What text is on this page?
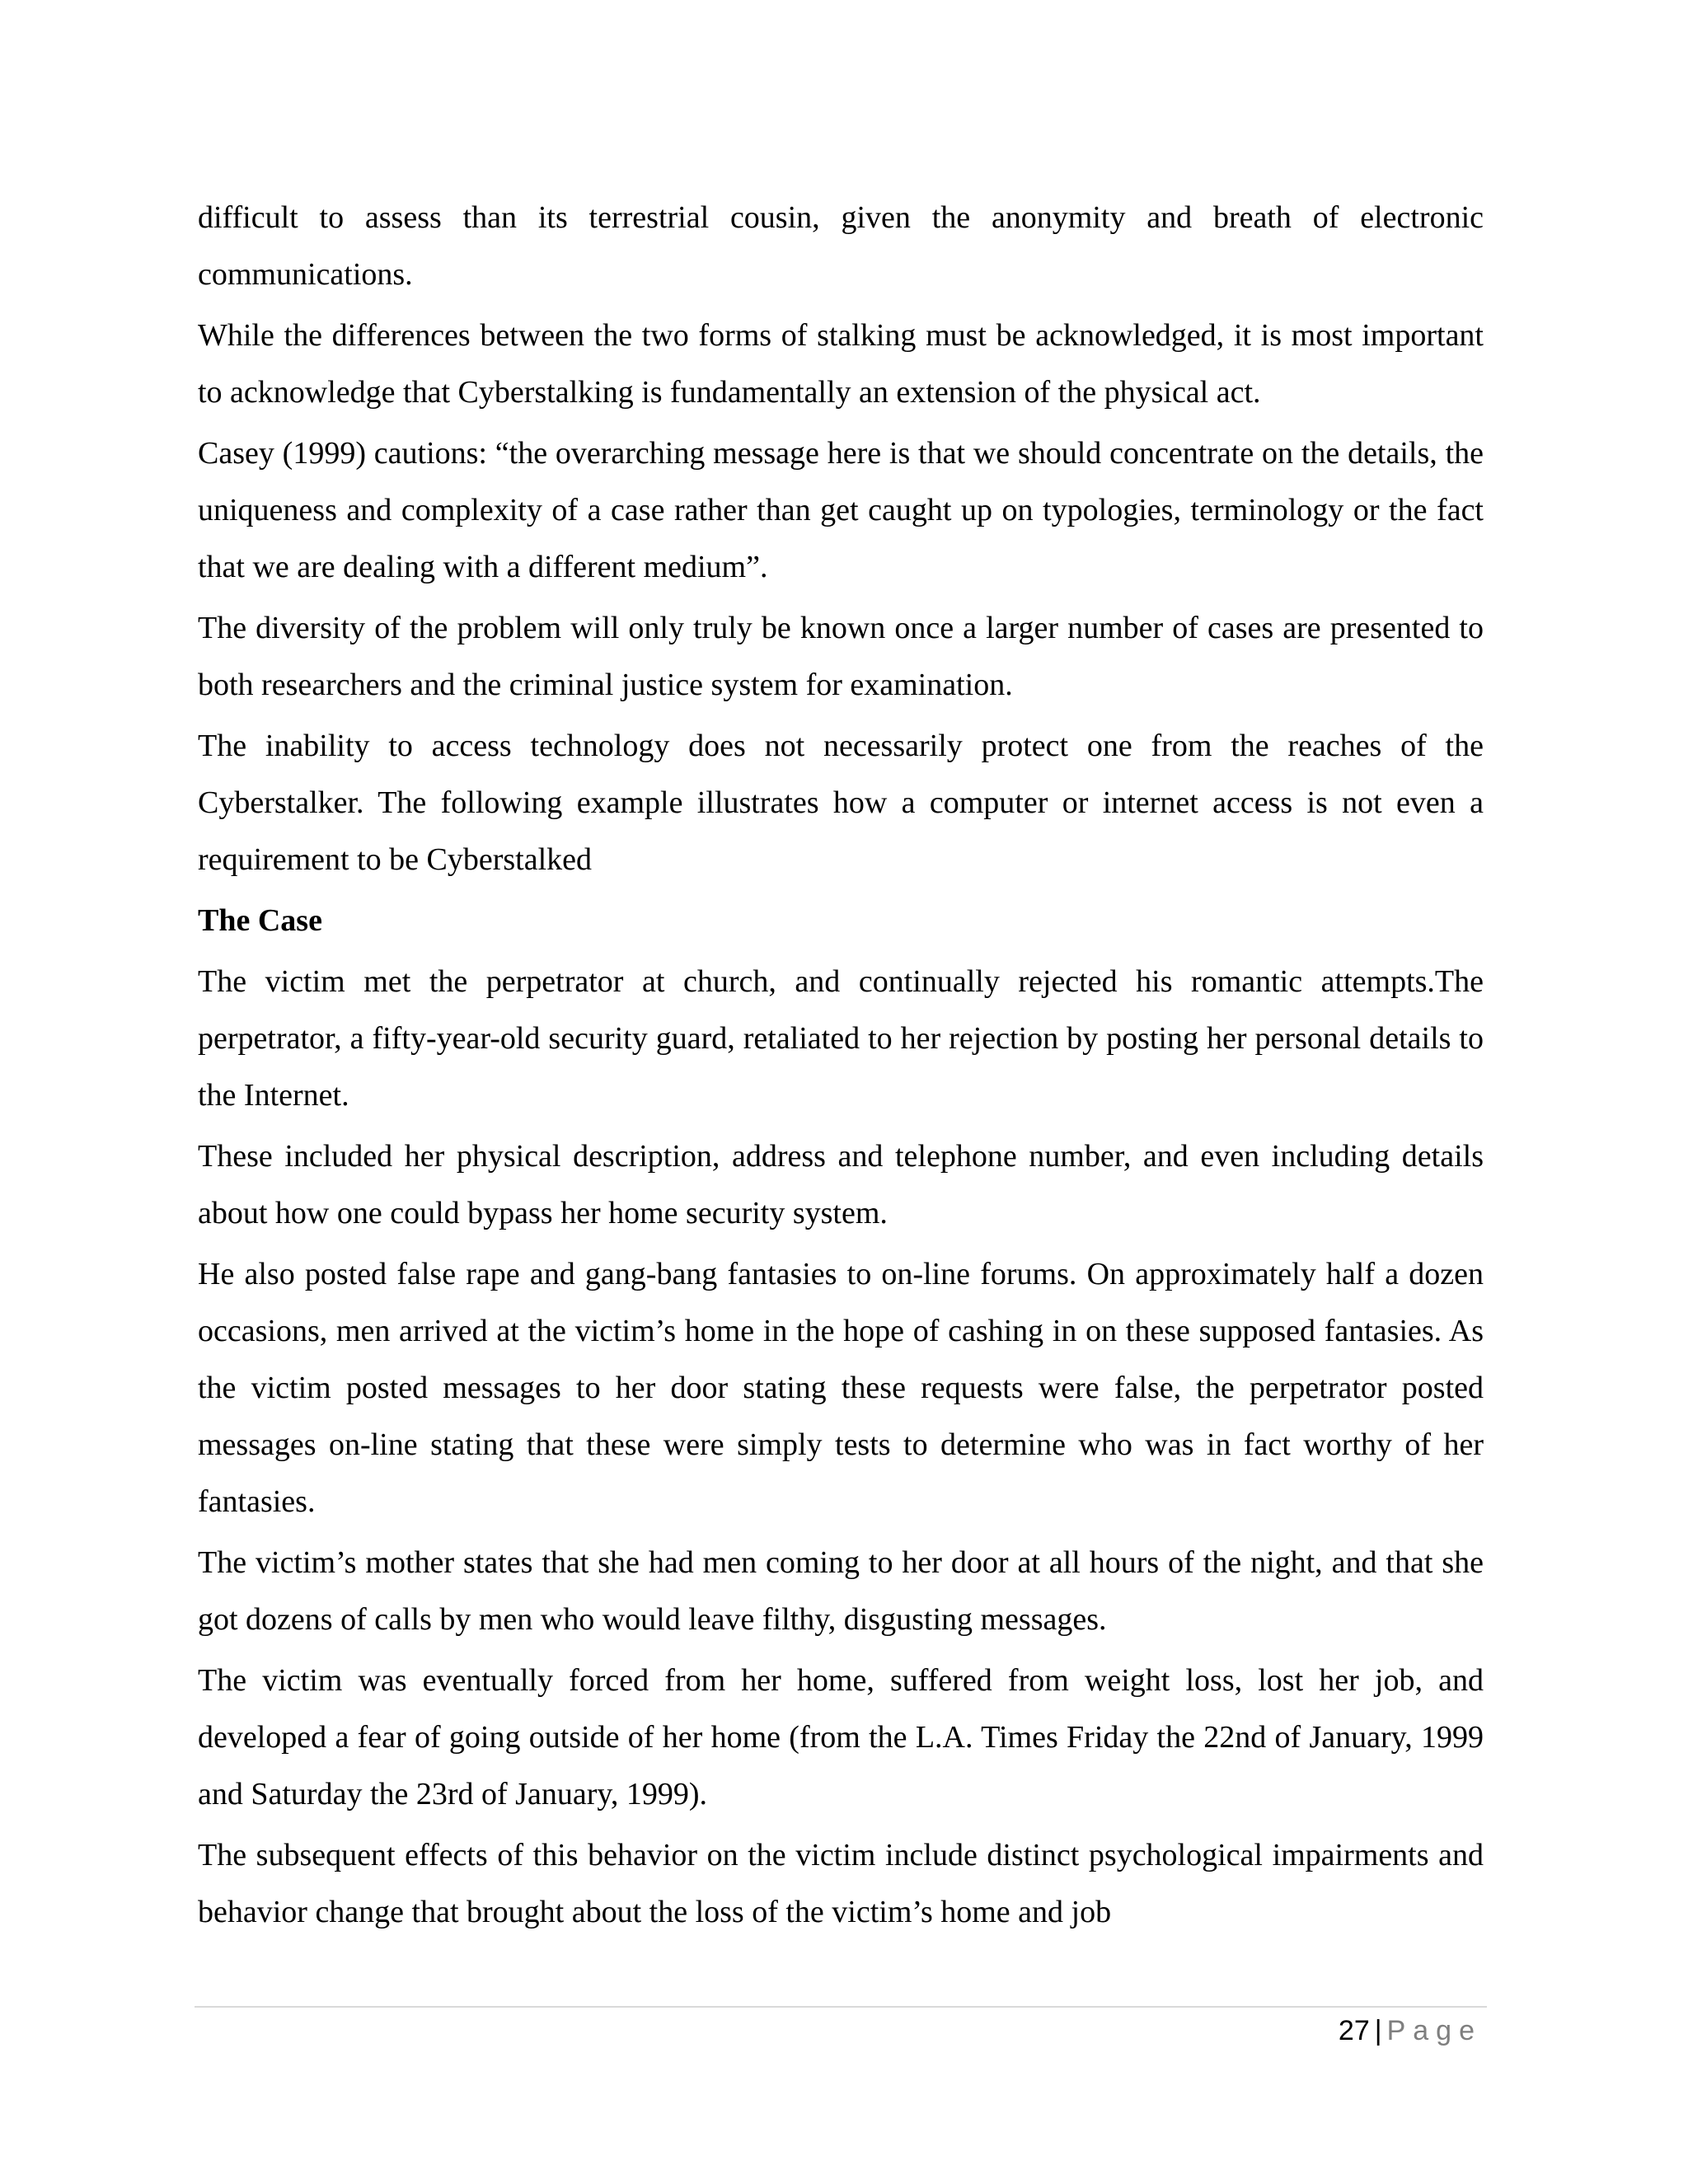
difficult to assess than its terrestrial cousin, given the anonymity and breath of electronic communications.

While the differences between the two forms of stalking must be acknowledged, it is most important to acknowledge that Cyberstalking is fundamentally an extension of the physical act.

Casey (1999) cautions: “the overarching message here is that we should concentrate on the details, the uniqueness and complexity of a case rather than get caught up on typologies, terminology or the fact that we are dealing with a different medium”.

The diversity of the problem will only truly be known once a larger number of cases are presented to both researchers and the criminal justice system for examination.

The inability to access technology does not necessarily protect one from the reaches of the Cyberstalker. The following example illustrates how a computer or internet access is not even a requirement to be Cyberstalked

The Case

The victim met the perpetrator at church, and continually rejected his romantic attempts.The perpetrator, a fifty-year-old security guard, retaliated to her rejection by posting her personal details to the Internet.

These included her physical description, address and telephone number, and even including details about how one could bypass her home security system.

He also posted false rape and gang-bang fantasies to on-line forums. On approximately half a dozen occasions, men arrived at the victim’s home in the hope of cashing in on these supposed fantasies. As the victim posted messages to her door stating these requests were false, the perpetrator posted messages on-line stating that these were simply tests to determine who was in fact worthy of her fantasies.

The victim’s mother states that she had men coming to her door at all hours of the night, and that she got dozens of calls by men who would leave filthy, disgusting messages.

The victim was eventually forced from her home, suffered from weight loss, lost her job, and developed a fear of going outside of her home (from the L.A. Times Friday the 22nd of January, 1999 and Saturday the 23rd of January, 1999).

The subsequent effects of this behavior on the victim include distinct psychological impairments and behavior change that brought about the loss of the victim’s home and job

27 | Page
